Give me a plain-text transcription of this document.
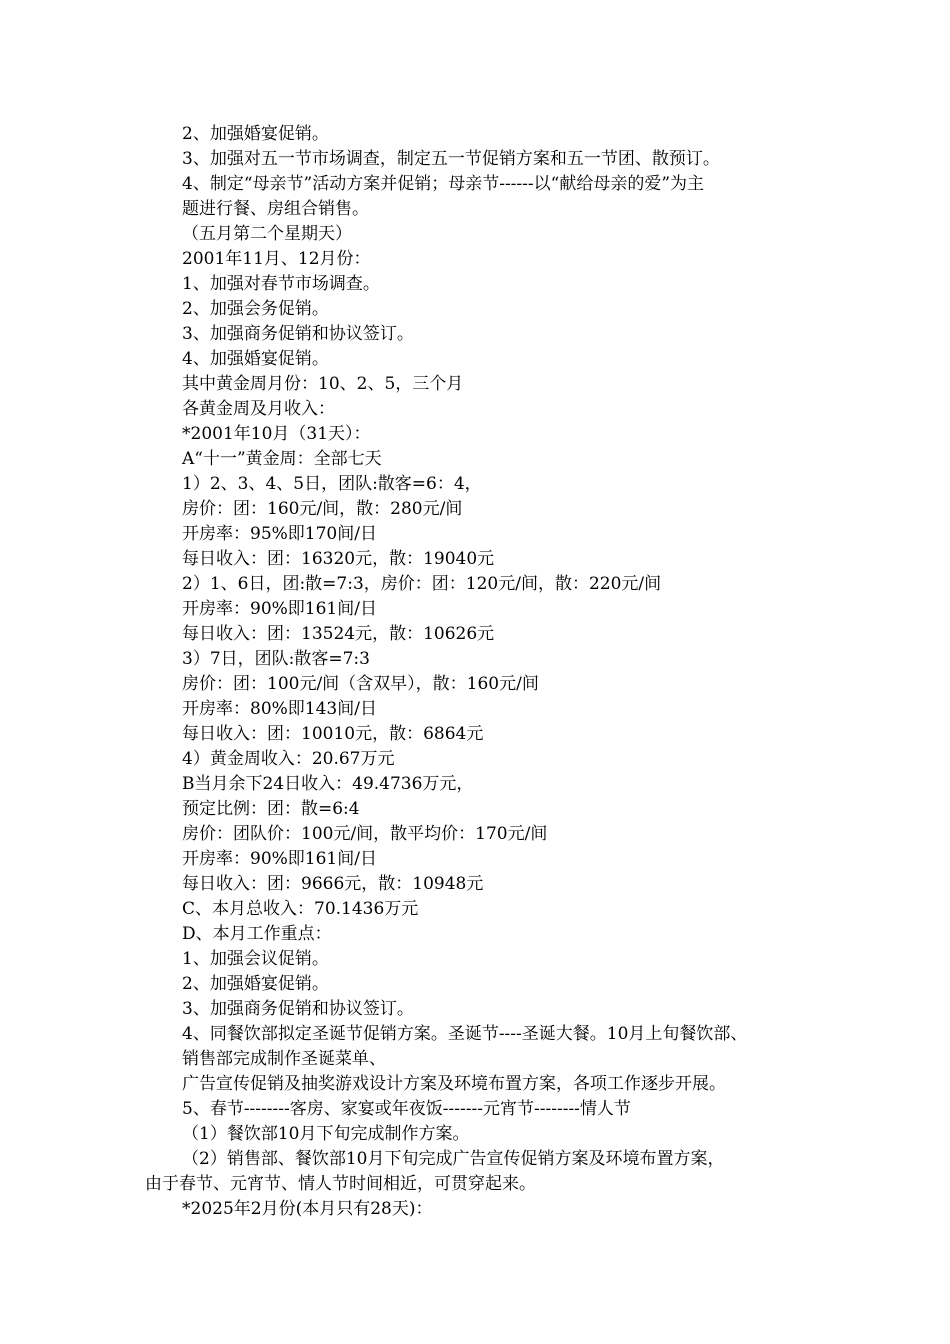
2、加强婚宴促销。
3、加强对五一节市场调查，制定五一节促销方案和五一节团、散预订。
4、制定“母亲节”活动方案并促销；母亲节------以“献给母亲的爱”为主
题进行餐、房组合销售。
（五月第二个星期天）
2001年11月、12月份：
1、加强对春节市场调查。
2、加强会务促销。
3、加强商务促销和协议签订。
4、加强婚宴促销。
其中黄金周月份：10、2、5，三个月
各黄金周及月收入：
*2001年10月（31天）：
A“十一”黄金周：全部七天
1）2、3、4、5日，团队:散客=6：4，
房价：团：160元/间，散：280元/间
开房率：95%即170间/日
每日收入：团：16320元，散：19040元
2）1、6日，团:散=7:3，房价：团：120元/间，散：220元/间
开房率：90%即161间/日
每日收入：团：13524元，散：10626元
3）7日，团队:散客=7:3
房价：团：100元/间（含双早），散：160元/间
开房率：80%即143间/日
每日收入：团：10010元，散：6864元
4）黄金周收入：20.67万元
B当月余下24日收入：49.4736万元，
预定比例：团：散=6:4
房价：团队价：100元/间，散平均价：170元/间
开房率：90%即161间/日
每日收入：团：9666元，散：10948元
C、本月总收入：70.1436万元
D、本月工作重点：
1、加强会议促销。
2、加强婚宴促销。
3、加强商务促销和协议签订。
4、同餐饮部拟定圣诞节促销方案。圣诞节----圣诞大餐。10月上旬餐饮部、
销售部完成制作圣诞菜单、
广告宣传促销及抽奖游戏设计方案及环境布置方案，各项工作逐步开展。
5、春节--------客房、家宴或年夜饭-------元宵节--------情人节
（1）餐饮部10月下旬完成制作方案。
（2）销售部、餐饮部10月下旬完成广告宣传促销方案及环境布置方案，
由于春节、元宵节、情人节时间相近，可贯穿起来。
*2025年2月份(本月只有28天)：
